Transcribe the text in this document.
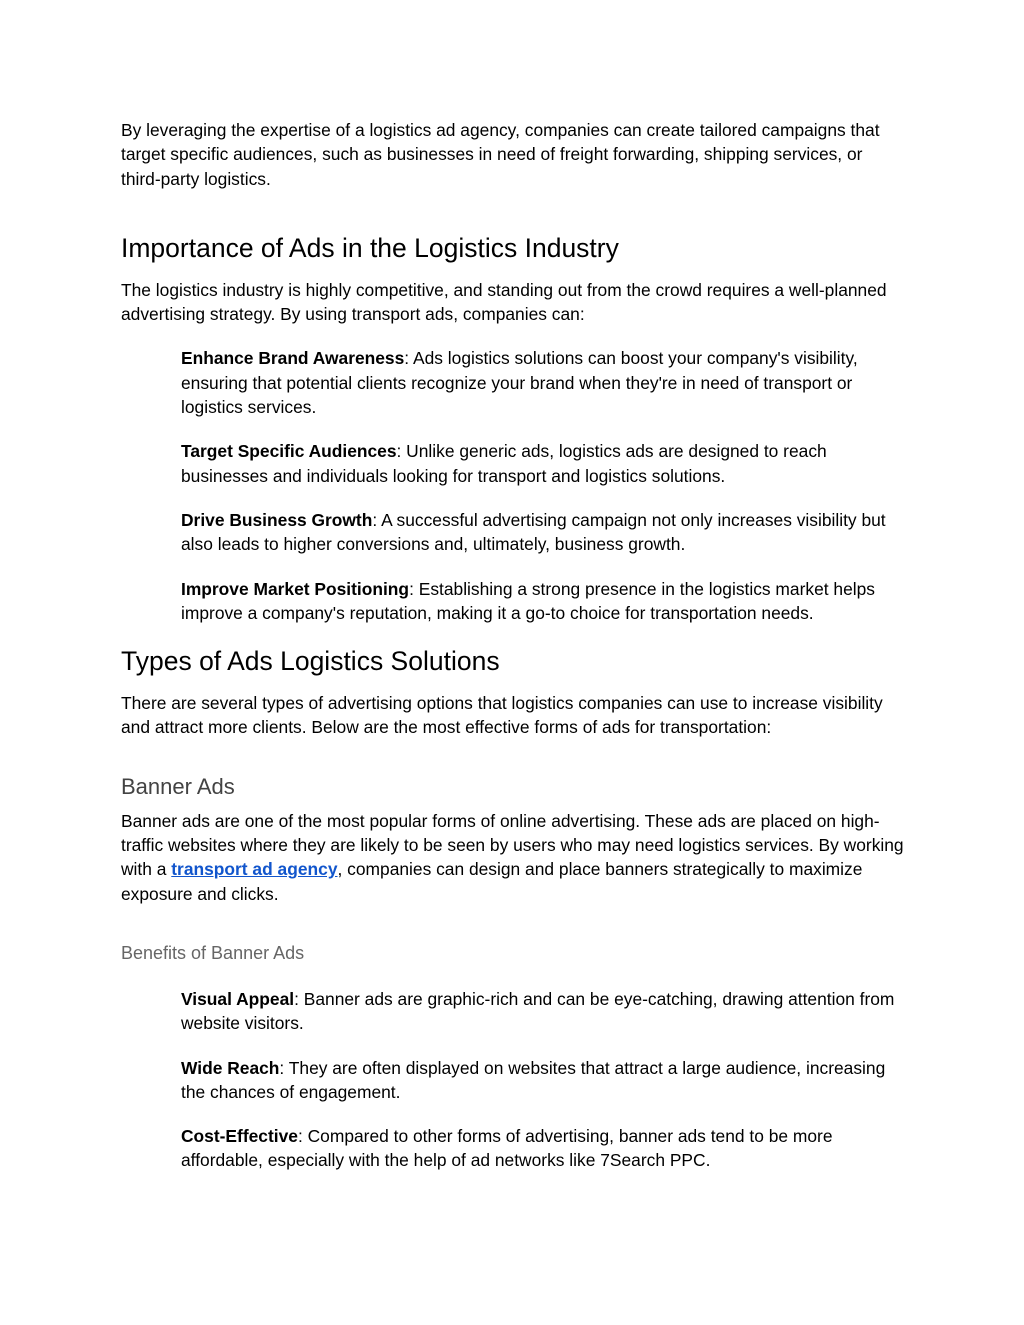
By leveraging the expertise of a logistics ad agency, companies can create tailored campaigns that target specific audiences, such as businesses in need of freight forwarding, shipping services, or third-party logistics.

Importance of Ads in the Logistics Industry

The logistics industry is highly competitive, and standing out from the crowd requires a well-planned advertising strategy. By using transport ads, companies can:

Enhance Brand Awareness: Ads logistics solutions can boost your company's visibility, ensuring that potential clients recognize your brand when they're in need of transport or logistics services.
Target Specific Audiences: Unlike generic ads, logistics ads are designed to reach businesses and individuals looking for transport and logistics solutions.
Drive Business Growth: A successful advertising campaign not only increases visibility but also leads to higher conversions and, ultimately, business growth.
Improve Market Positioning: Establishing a strong presence in the logistics market helps improve a company's reputation, making it a go-to choice for transportation needs.
Types of Ads Logistics Solutions

There are several types of advertising options that logistics companies can use to increase visibility and attract more clients. Below are the most effective forms of ads for transportation:

Banner Ads

Banner ads are one of the most popular forms of online advertising. These ads are placed on high-traffic websites where they are likely to be seen by users who may need logistics services. By working with a transport ad agency, companies can design and place banners strategically to maximize exposure and clicks.

Benefits of Banner Ads
Visual Appeal: Banner ads are graphic-rich and can be eye-catching, drawing attention from website visitors.
Wide Reach: They are often displayed on websites that attract a large audience, increasing the chances of engagement.
Cost-Effective: Compared to other forms of advertising, banner ads tend to be more affordable, especially with the help of ad networks like 7Search PPC.
